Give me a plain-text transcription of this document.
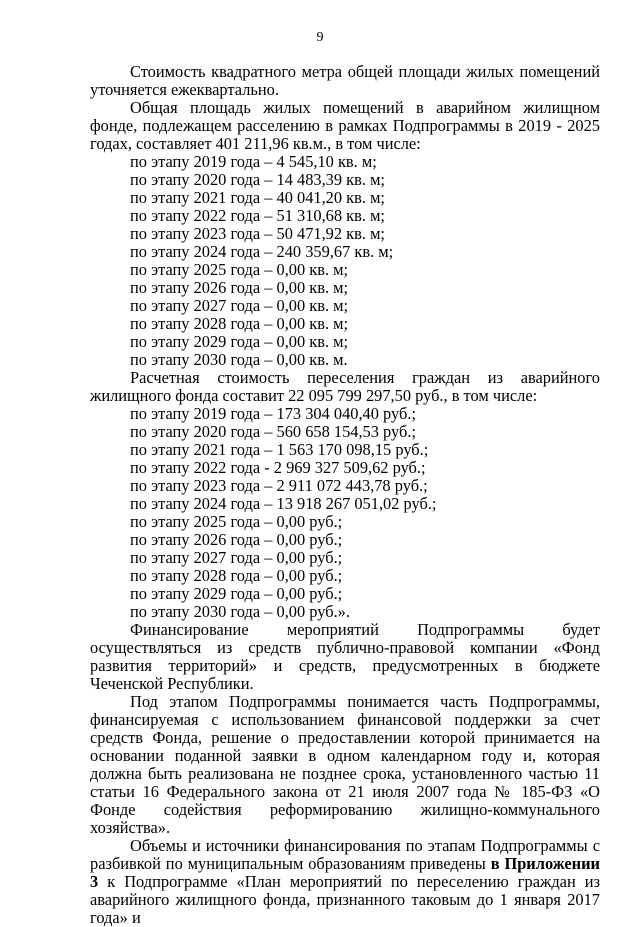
9

Стоимость квадратного метра общей площади жилых помещений уточняется ежеквартально.

Общая площадь жилых помещений в аварийном жилищном фонде, подлежащем расселению в рамках Подпрограммы в 2019 - 2025 годах, составляет 401 211,96 кв.м., в том числе:

по этапу 2019 года – 4 545,10 кв. м;

по этапу 2020 года – 14 483,39 кв. м;

по этапу 2021 года – 40 041,20 кв. м;

по этапу 2022 года – 51 310,68 кв. м;

по этапу 2023 года – 50 471,92 кв. м;

по этапу 2024 года – 240 359,67 кв. м;

по этапу 2025 года – 0,00 кв. м;

по этапу 2026 года – 0,00 кв. м;

по этапу 2027 года – 0,00 кв. м;

по этапу 2028 года – 0,00 кв. м;

по этапу 2029 года – 0,00 кв. м;

по этапу 2030 года – 0,00 кв. м.

Расчетная стоимость переселения граждан из аварийного жилищного фонда составит 22 095 799 297,50 руб., в том числе:

по этапу 2019 года – 173 304 040,40 руб.;

по этапу 2020 года – 560 658 154,53 руб.;

по этапу 2021 года – 1 563 170 098,15 руб.;

по этапу 2022 года - 2 969 327 509,62 руб.;

по этапу 2023 года – 2 911 072 443,78 руб.;

по этапу 2024 года – 13 918 267 051,02 руб.;

по этапу 2025 года – 0,00 руб.;

по этапу 2026 года – 0,00 руб.;

по этапу 2027 года – 0,00 руб.;

по этапу 2028 года – 0,00 руб.;

по этапу 2029 года – 0,00 руб.;

по этапу 2030 года – 0,00 руб.».

Финансирование мероприятий Подпрограммы будет осуществляться из средств публично-правовой компании «Фонд развития территорий» и средств, предусмотренных в бюджете Чеченской Республики.

Под этапом Подпрограммы понимается часть Подпрограммы, финансируемая с использованием финансовой поддержки за счет средств Фонда, решение о предоставлении которой принимается на основании поданной заявки в одном календарном году и, которая должна быть реализована не позднее срока, установленного частью 11 статьи 16 Федерального закона от 21 июля 2007 года № 185-ФЗ «О Фонде содействия реформированию жилищно-коммунального хозяйства».

Объемы и источники финансирования по этапам Подпрограммы с разбивкой по муниципальным образованиям приведены в Приложении 3 к Подпрограмме «План мероприятий по переселению граждан из аварийного жилищного фонда, признанного таковым до 1 января 2017 года» и
